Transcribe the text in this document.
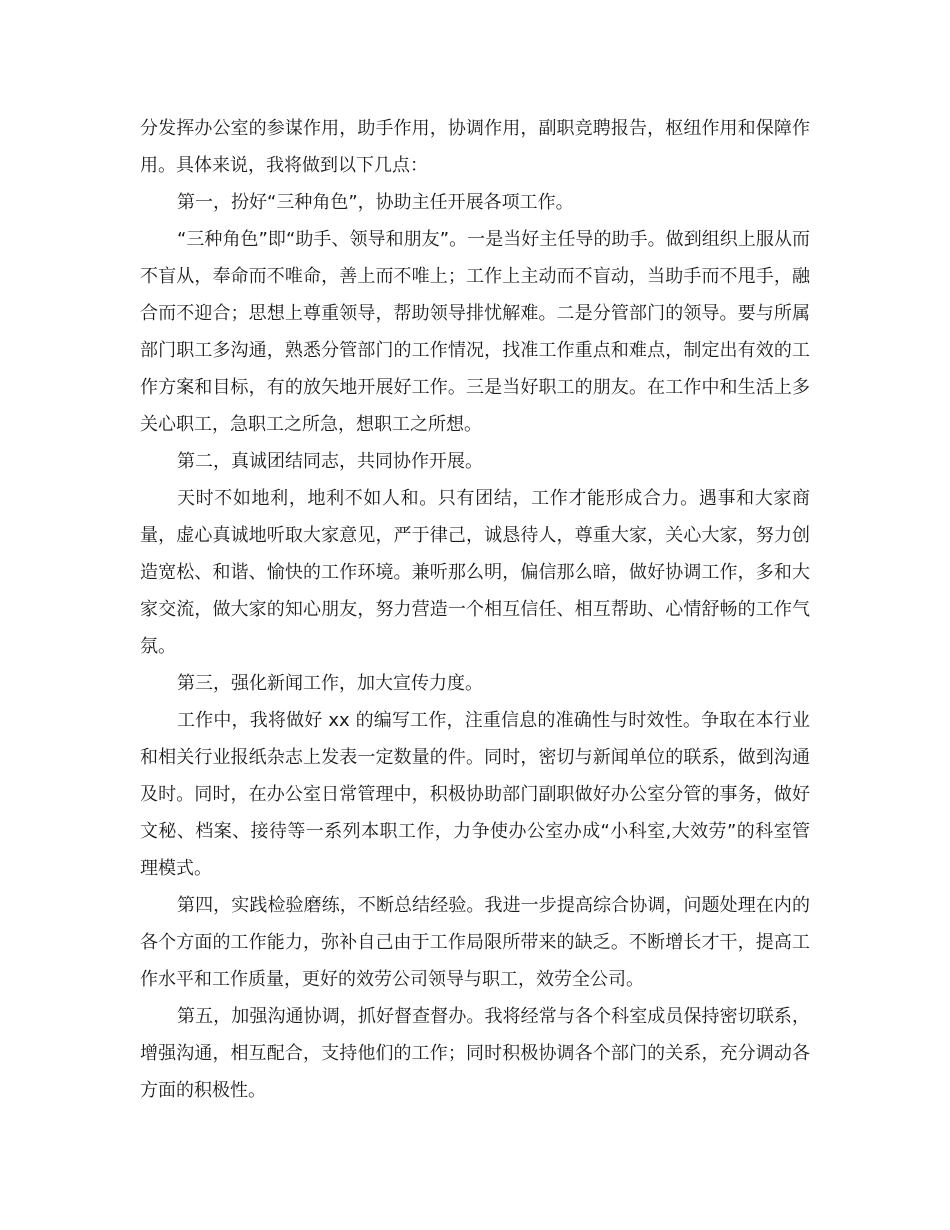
分发挥办公室的参谋作用，助手作用，协调作用，副职竞聘报告，枢纽作用和保障作用。具体来说，我将做到以下几点：

第一，扮好“三种角色”，协助主任开展各项工作。

“三种角色”即“助手、领导和朋友”。一是当好主任导的助手。做到组织上服从而不盲从，奉命而不唯命，善上而不唯上；工作上主动而不盲动，当助手而不甩手，融合而不迎合；思想上尊重领导，帮助领导排忧解难。二是分管部门的领导。要与所属部门职工多沟通，熟悉分管部门的工作情况，找准工作重点和难点，制定出有效的工作方案和目标，有的放矢地开展好工作。三是当好职工的朋友。在工作中和生活上多关心职工，急职工之所急，想职工之所想。

第二，真诚团结同志，共同协作开展。

天时不如地利，地利不如人和。只有团结，工作才能形成合力。遇事和大家商量，虚心真诚地听取大家意见，严于律己，诚恳待人，尊重大家，关心大家，努力创造宽松、和谐、愉快的工作环境。兼听那么明，偏信那么暗，做好协调工作，多和大家交流，做大家的知心朋友，努力营造一个相互信任、相互帮助、心情舒畅的工作气氛。

第三，强化新闻工作，加大宣传力度。

工作中，我将做好 xx 的编写工作，注重信息的准确性与时效性。争取在本行业和相关行业报纸杂志上发表一定数量的件。同时，密切与新闻单位的联系，做到沟通及时。同时，在办公室日常管理中，积极协助部门副职做好办公室分管的事务，做好文秘、档案、接待等一系列本职工作，力争使办公室办成“小科室,大效劳”的科室管理模式。

第四，实践检验磨练，不断总结经验。我进一步提高综合协调，问题处理在内的各个方面的工作能力，弥补自己由于工作局限所带来的缺乏。不断增长才干，提高工作水平和工作质量，更好的效劳公司领导与职工，效劳全公司。

第五，加强沟通协调，抓好督查督办。我将经常与各个科室成员保持密切联系，增强沟通，相互配合，支持他们的工作；同时积极协调各个部门的关系，充分调动各方面的积极性。
